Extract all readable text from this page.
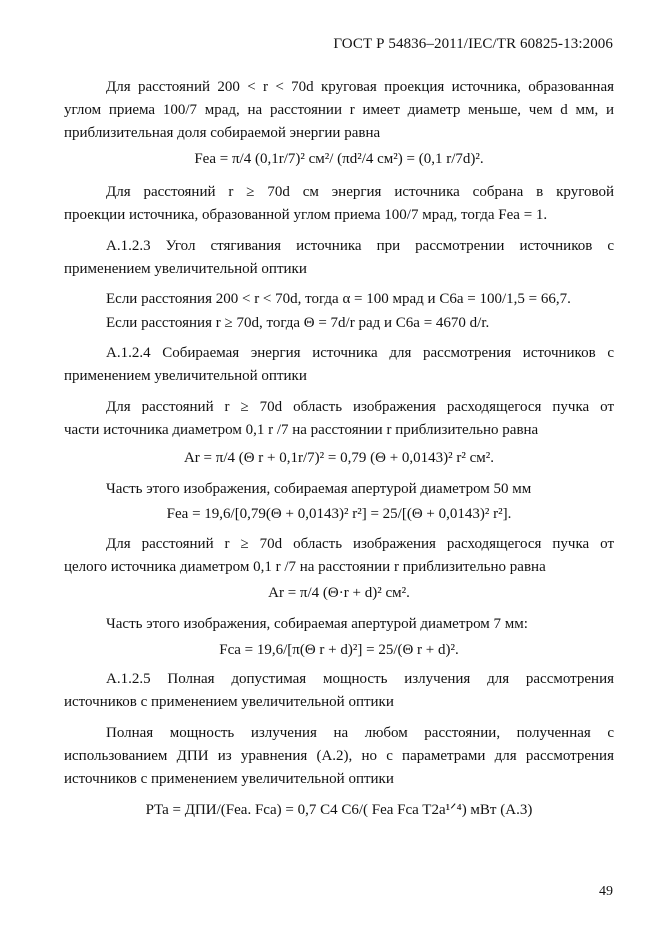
ГОСТ Р 54836–2011/IEC/TR 60825-13:2006
Для расстояний 200 < r < 70d круговая проекция источника, образованная
углом приема 100/7 мрад, на расстоянии r имеет диаметр меньше, чем d мм, и
приблизительная доля собираемой энергии равна
Fea = π/4 (0,1r/7)² см²/ (πd²/4 см²) = (0,1 r/7d)².
Для расстояний r ≥ 70d см энергия источника собрана в круговой
проекции источника, образованной углом приема 100/7 мрад, тогда Fea = 1.
А.1.2.3 Угол стягивания источника при рассмотрении источников с
применением увеличительной оптики
Если расстояния 200 < r < 70d, тогда α = 100 мрад и C6a = 100/1,5 = 66,7.
Если расстояния r ≥ 70d, тогда Θ = 7d/r рад и C6a = 4670 d/r.
А.1.2.4 Собираемая энергия источника для рассмотрения источников с
применением увеличительной оптики
Для расстояний r ≥ 70d область изображения расходящегося пучка от
части источника диаметром 0,1 r /7 на расстоянии r приблизительно равна
Ar = π/4 (Θ r + 0,1r/7)² = 0,79 (Θ + 0,0143)² r² см².
Часть этого изображения, собираемая апертурой диаметром 50 мм
Fea = 19,6/[0,79(Θ + 0,0143)² r²] = 25/[(Θ + 0,0143)² r²].
Для расстояний r ≥ 70d область изображения расходящегося пучка от
целого источника диаметром 0,1 r /7 на расстоянии r приблизительно равна
Ar = π/4 (Θ·r + d)² см².
Часть этого изображения, собираемая апертурой диаметром 7 мм:
Fca = 19,6/[π(Θ r + d)²] = 25/(Θ r + d)².
А.1.2.5 Полная допустимая мощность излучения для рассмотрения
источников с применением увеличительной оптики
Полная мощность излучения на любом расстоянии, полученная с
использованием ДПИ из уравнения (А.2), но с параметрами для рассмотрения
источников с применением увеличительной оптики
PTa = ДПИ/(Fea. Fca) = 0,7 C4 C6/( Fea Fca T2a¹ᐟ⁴) мВт (А.3)
49
